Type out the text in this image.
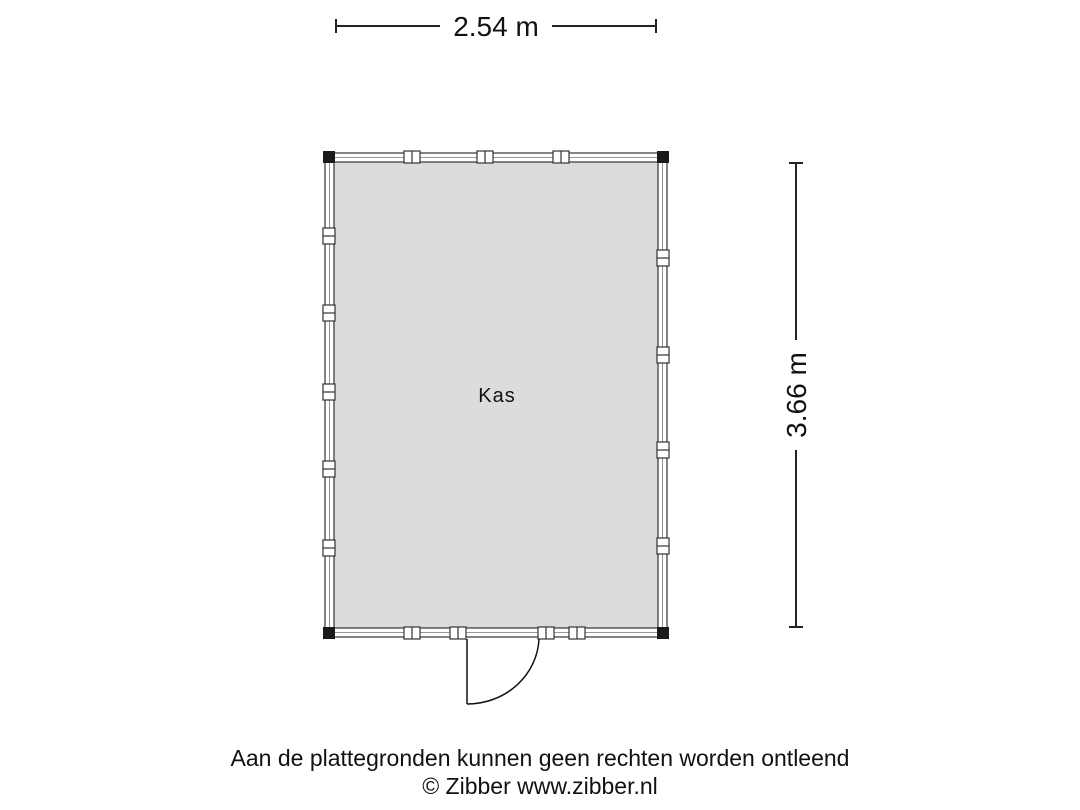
2.54 m
3.66 m
Kas
Aan de plattegronden kunnen geen rechten worden ontleend
© Zibber www.zibber.nl
